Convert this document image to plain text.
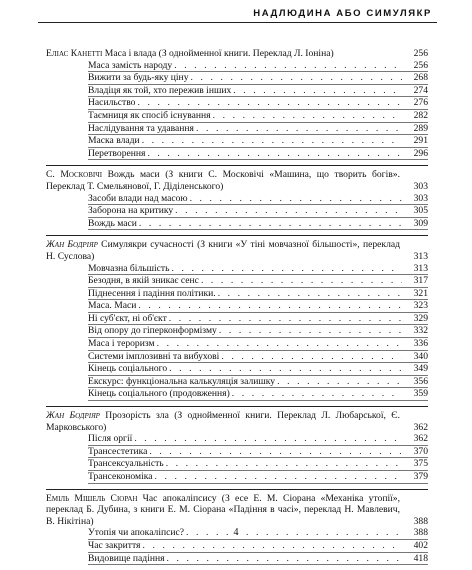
НАДЛЮДИНА АБО СИМУЛЯКР
Еліас Канетті Маса і влада (З однойменної книги. Переклад Л. Іоніна)	256
Маса замість народу . . .	256
Вижити за будь-яку ціну . . .	268
Владіця як той, хто пережив інших . . .	274
Насильство . . .	276
Таємниця як спосіб існування . . .	282
Наслідування та удавання . . .	289
Маска влади . . .	291
Перетворення . . .	296
С. Московічі Вождь маси (З книги С. Московічі «Машина, що творить богів». Переклад Т. Смельянової, Г. Діділенського)	303
Засоби влади над масою . . .	303
Заборона на критику . . .	305
Вождь маси . . .	309
Жан Бодріяр Симулякри сучасності (З книги «У тіні мовчазної більшості», переклад Н. Суслова)	313
Мовчазна більшість . . .	313
Безодня, в якій зникає сенс . . .	317
Піднесення і падіння політики. . . .	321
Маса. Маси . . .	323
Ні суб'єкт, ні об'єкт . . .	329
Від опору до гіперконформізму . . .	332
Маса і тероризм . . .	336
Системи імплозивні та вибухові . . .	340
Кінець соціального . . .	349
Екскурс: функціональна калькуляція залишку . . .	356
Кінець соціального (продовження) . . .	359
Жан Бодріяр Прозорість зла (З однойменної книги. Переклад Л. Любарської, Є. Марковського)	362
Після оргії . . .	362
Трансестетика . . .	370
Трансексуальність . . .	375
Трансекономіка . . .	379
Еміль Мішель Сіоран Час апокаліпсису (З есе Е. М. Сіорана «Механіка утопії», переклад Б. Дубина, з книги Е. М. Сіорана «Падіння в часі», переклад Н. Мавлевич, В. Нікітіна)	388
Утопія чи апокаліпсис? . . .	388
Час закриття . . .	402
Видовище падіння . . .	418
4
